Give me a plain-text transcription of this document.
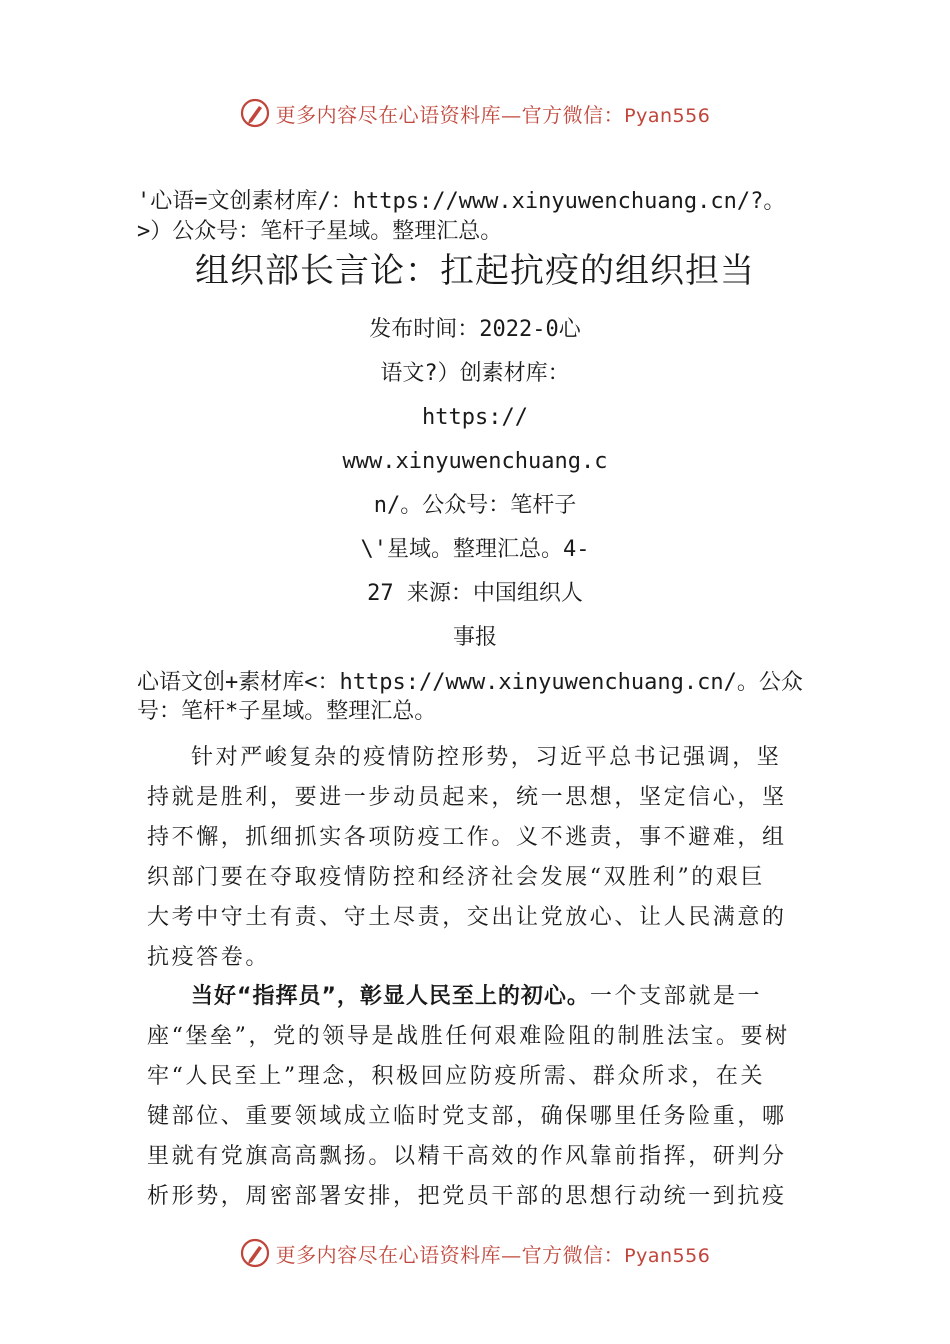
更多内容尽在心语资料库—官方微信：Pyan556
'心语=文创素材库/：https://www.xinyuwenchuang.cn/?。
>）公众号：笔杆子星域。整理汇总。
组织部长言论：扛起抗疫的组织担当
发布时间：2022-0心
语文?）创素材库：
https://
www.xinyuwenchuang.c
n/。公众号：笔杆子
\'星域。整理汇总。4-
27 来源：中国组织人
事报
心语文创+素材库<：https://www.xinyuwenchuang.cn/。公众
号：笔杆*子星域。整理汇总。
针对严峻复杂的疫情防控形势，习近平总书记强调，坚
持就是胜利，要进一步动员起来，统一思想，坚定信心，坚
持不懈，抓细抓实各项防疫工作。义不逃责，事不避难，组
织部门要在夺取疫情防控和经济社会发展“双胜利”的艰巨
大考中守土有责、守土尽责，交出让党放心、让人民满意的
抗疫答卷。
当好“指挥员”，彰显人民至上的初心。一个支部就是一
座“堡垒”，党的领导是战胜任何艰难险阻的制胜法宝。要树
牢“人民至上”理念，积极回应防疫所需、群众所求，在关
键部位、重要领域成立临时党支部，确保哪里任务险重，哪
里就有党旗高高飘扬。以精干高效的作风靠前指挥，研判分
析形势，周密部署安排，把党员干部的思想行动统一到抗疫
更多内容尽在心语资料库—官方微信：Pyan556
